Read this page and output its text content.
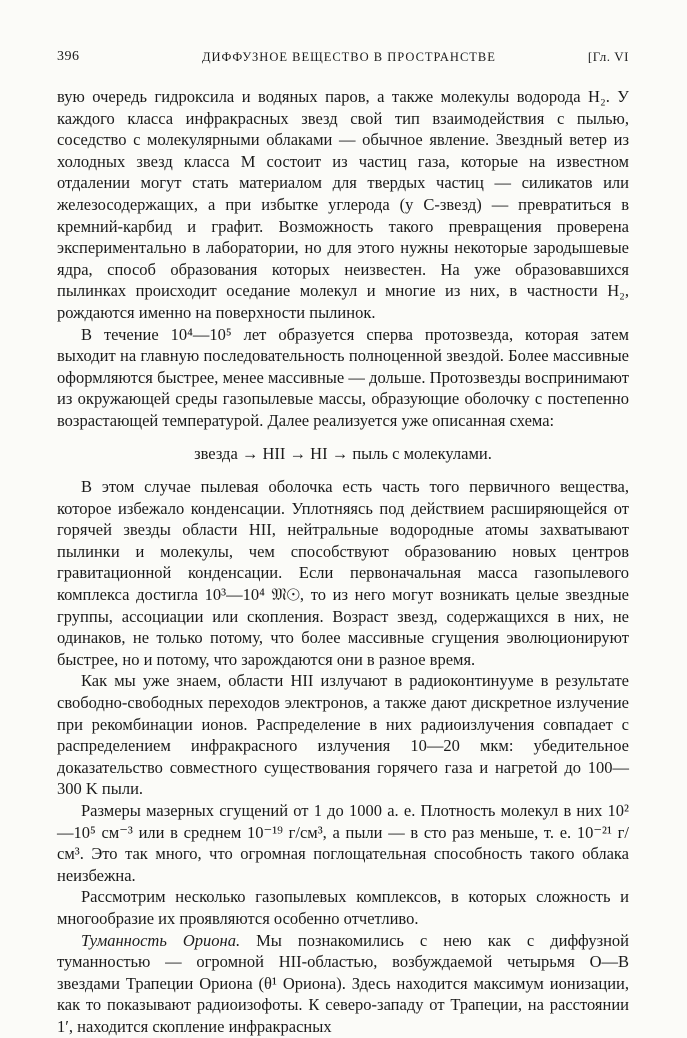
396	ДИФФУЗНОЕ ВЕЩЕСТВО В ПРОСТРАНСТВЕ	[Гл. VI

вую очередь гидроксила и водяных паров, а также молекулы водорода H₂. У каждого класса инфракрасных звезд свой тип взаимодействия с пылью, соседство с молекулярными облаками — обычное явление. Звездный ветер из холодных звезд класса M состоит из частиц газа, которые на известном отдалении могут стать материалом для твердых частиц — силикатов или железосодержащих, а при избытке углерода (у C-звезд) — превратиться в кремний-карбид и графит. Возможность такого превращения проверена экспериментально в лаборатории, но для этого нужны некоторые зародышевые ядра, способ образования которых неизвестен. На уже образовавшихся пылинках происходит оседание молекул и многие из них, в частности H₂, рождаются именно на поверхности пылинок.

В течение 10⁴—10⁵ лет образуется сперва протозвезда, которая затем выходит на главную последовательность полноценной звездой. Более массивные оформляются быстрее, менее массивные — дольше. Протозвезды воспринимают из окружающей среды газопылевые массы, образующие оболочку с постепенно возрастающей температурой. Далее реализуется уже описанная схема:

звезда → HII → HI → пыль с молекулами.

В этом случае пылевая оболочка есть часть того первичного вещества, которое избежало конденсации. Уплотняясь под действием расширяющейся от горячей звезды области HII, нейтральные водородные атомы захватывают пылинки и молекулы, чем способствуют образованию новых центров гравитационной конденсации. Если первоначальная масса газопылевого комплекса достигла 10³—10⁴ 𝔐☉, то из него могут возникать целые звездные группы, ассоциации или скопления. Возраст звезд, содержащихся в них, не одинаков, не только потому, что более массивные сгущения эволюционируют быстрее, но и потому, что зарождаются они в разное время.

Как мы уже знаем, области HII излучают в радиоконтинууме в результате свободно-свободных переходов электронов, а также дают дискретное излучение при рекомбинации ионов. Распределение в них радиоизлучения совпадает с распределением инфракрасного излучения 10—20 мкм: убедительное доказательство совместного существования горячего газа и нагретой до 100—300 K пыли.

Размеры мазерных сгущений от 1 до 1000 а. е. Плотность молекул в них 10²—10⁵ см⁻³ или в среднем 10⁻¹⁹ г/см³, а пыли — в сто раз меньше, т. е. 10⁻²¹ г/см³. Это так много, что огромная поглощательная способность такого облака неизбежна.

Рассмотрим несколько газопылевых комплексов, в которых сложность и многообразие их проявляются особенно отчетливо.

Туманность Ориона. Мы познакомились с нею как с диффузной туманностью — огромной HII-областью, возбуждаемой четырьмя O—B звездами Трапеции Ориона (θ¹ Ориона). Здесь находится максимум ионизации, как то показывают радиоизофоты. К северо-западу от Трапеции, на расстоянии 1′, находится скопление инфракрасных
